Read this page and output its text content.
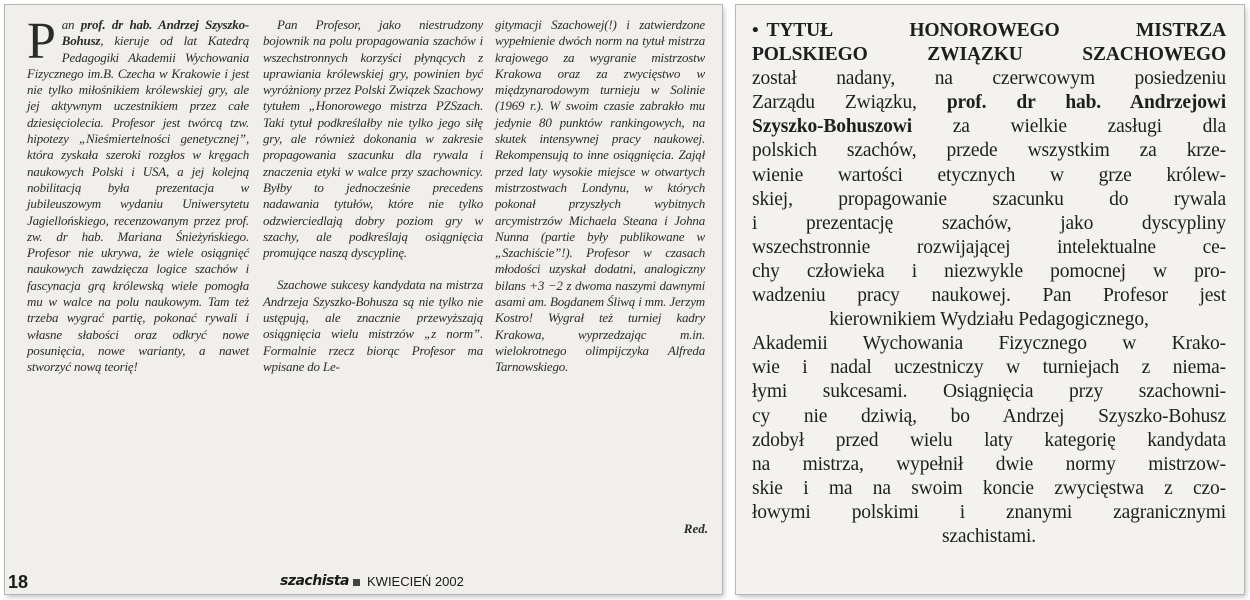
Pan prof. dr hab. Andrzej Szyszko-Bohusz, kieruje od lat Katedrą Pedagogiki Akademii Wychowania Fizycznego im.B. Czecha w Krakowie i jest nie tylko miłośnikiem królewskiej gry, ale jej aktywnym uczestnikiem przez całe dziesięciolecia. Profesor jest twórcą tzw. hipotezy „Nieśmiertelności genetycznej”, która zyskała szeroki rozgłos w kręgach naukowych Polski i USA, a jej kolejną nobilitacją była prezentacja w jubileuszowym wydaniu Uniwersytetu Jagiellońskiego, recenzowanym przez prof. zw. dr hab. Mariana Śnieżyńskiego. Profesor nie ukrywa, że wiele osiągnięć naukowych zawdzięcza logice szachów i fascynacja grą królewską wiele pomogła mu w walce na polu naukowym. Tam też trzeba wygrać partię, pokonać rywali i własne słabości oraz odkryć nowe posunięcia, nowe warianty, a nawet stworzyć nową teorię!

Pan Profesor, jako niestrudzony bojownik na polu propagowania szachów i wszechstronnych korzyści płynących z uprawiania królewskiej gry, powinien być wyróżniony przez Polski Związek Szachowy tytułem „Honorowego mistrza PZSzach. Taki tytuł podkreślałby nie tylko jego siłę gry, ale również dokonania w zakresie propagowania szacunku dla rywala i znaczenia etyki w walce przy szachownicy. Byłby to jednocześnie precedens nadawania tytułów, które nie tylko odzwierciedlają dobry poziom gry w szachy, ale podkreślają osiągnięcia promujące naszą dyscyplinę.

Szachowe sukcesy kandydata na mistrza Andrzeja Szyszko-Bohusza są nie tylko nie ustępują, ale znacznie przewyższają osiągnięcia wielu mistrzów „z norm”. Formalnie rzecz biorąc Profesor ma wpisane do Le-

gitymacji Szachowej(!) i zatwierdzone wypełnienie dwóch norm na tytuł mistrza krajowego za wygranie mistrzostw Krakowa oraz za zwycięstwo w międzynarodowym turnieju w Solinie (1969 r.). W swoim czasie zabrakło mu jedynie 80 punktów rankingowych, na skutek intensywnej pracy naukowej. Rekompensują to inne osiągnięcia. Zajął przed laty wysokie miejsce w otwartych mistrzostwach Londynu, w których pokonał przyszłych wybitnych arcymistrzów Michaela Steana i Johna Nunna (partie były publikowane w „Szachiście”!). Profesor w czasach młodości uzyskał dodatni, analogiczny bilans +3 −2 z dwoma naszymi dawnymi asami am. Bogdanem Śliwą i mm. Jerzym Kostro! Wygrał też turniej kadry Krakowa, wyprzedzając m.in. wielokrotnego olimpijczyka Alfreda Tarnowskiego.

Red.
18	szachista KWIECIEŃ 2002
• TYTUŁ HONOROWEGO MISTRZA
POLSKIEGO ZWIĄZKU SZACHOWEGO
został nadany, na czerwcowym posiedzeniu
Zarządu Związku, prof. dr hab. Andrzejowi
Szyszko-Bohuszowi za wielkie zasługi dla
polskich szachów, przede wszystkim za krze-
wienie wartości etycznych w grze królew-
skiej, propagowanie szacunku do rywala
i prezentację szachów, jako dyscypliny
wszechstronnie rozwijającej intelektualne ce-
chy człowieka i niezwykle pomocnej w pro-
wadzeniu pracy naukowej. Pan Profesor jest
kierownikiem Wydziału Pedagogicznego,
Akademii Wychowania Fizycznego w Krako-
wie i nadal uczestniczy w turniejach z niema-
łymi sukcesami. Osiągnięcia przy szachowni-
cy nie dziwią, bo Andrzej Szyszko-Bohusz
zdobył przed wielu laty kategorię kandydata
na mistrza, wypełnił dwie normy mistrzow-
skie i ma na swoim koncie zwycięstwa z czo-
łowymi polskimi i znanymi zagranicznymi
szachistami.
